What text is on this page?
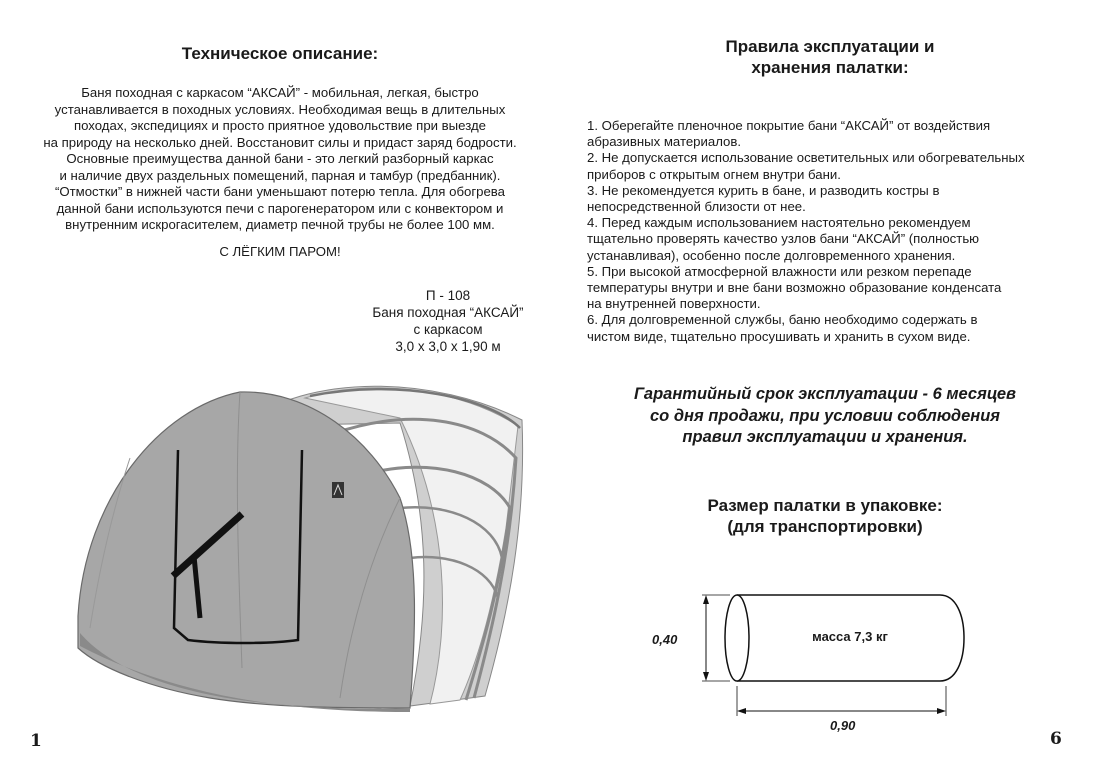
Техническое описание:
Баня походная с каркасом “АКСАЙ” - мобильная, легкая, быстро
устанавливается в походных условиях. Необходимая вещь в длительных
походах, экспедициях и просто приятное удовольствие при выезде
на природу на несколько дней. Восстановит силы и придаст заряд бодрости.
Основные преимущества данной бани - это легкий разборный каркас
и наличие двух раздельных помещений, парная и тамбур (предбанник).
“Отмостки” в нижней части бани уменьшают потерю тепла. Для обогрева
данной бани используются печи с парогенератором или с конвектором и
внутренним искрогасителем, диаметр печной трубы не более 100 мм.
С ЛЁГКИМ ПАРОМ!
П - 108
Баня походная “АКСАЙ”
с каркасом
3,0 х 3,0 х 1,90 м
1
Правила эксплуатации и
хранения палатки:
1. Оберегайте пленочное покрытие бани “АКСАЙ” от воздействия
абразивных материалов.
2. Не допускается использование осветительных или обогревательных
приборов с открытым огнем внутри бани.
3. Не рекомендуется курить в бане, и разводить костры в
непосредственной близости от нее.
4. Перед каждым использованием настоятельно рекомендуем
тщательно проверять качество узлов бани “АКСАЙ” (полностью
устанавливая), особенно после долговременного хранения.
5. При высокой атмосферной влажности или резком перепаде
температуры внутри и вне бани возможно образование конденсата
на внутренней поверхности.
6. Для долговременной службы, баню необходимо содержать в
чистом виде, тщательно просушивать и хранить в сухом виде.
Гарантийный срок эксплуатации - 6 месяцев
со дня продажи, при условии соблюдения
правил эксплуатации и хранения.
Размер палатки в упаковке:
(для транспортировки)
0,40
0,90
масса 7,3 кг
6
